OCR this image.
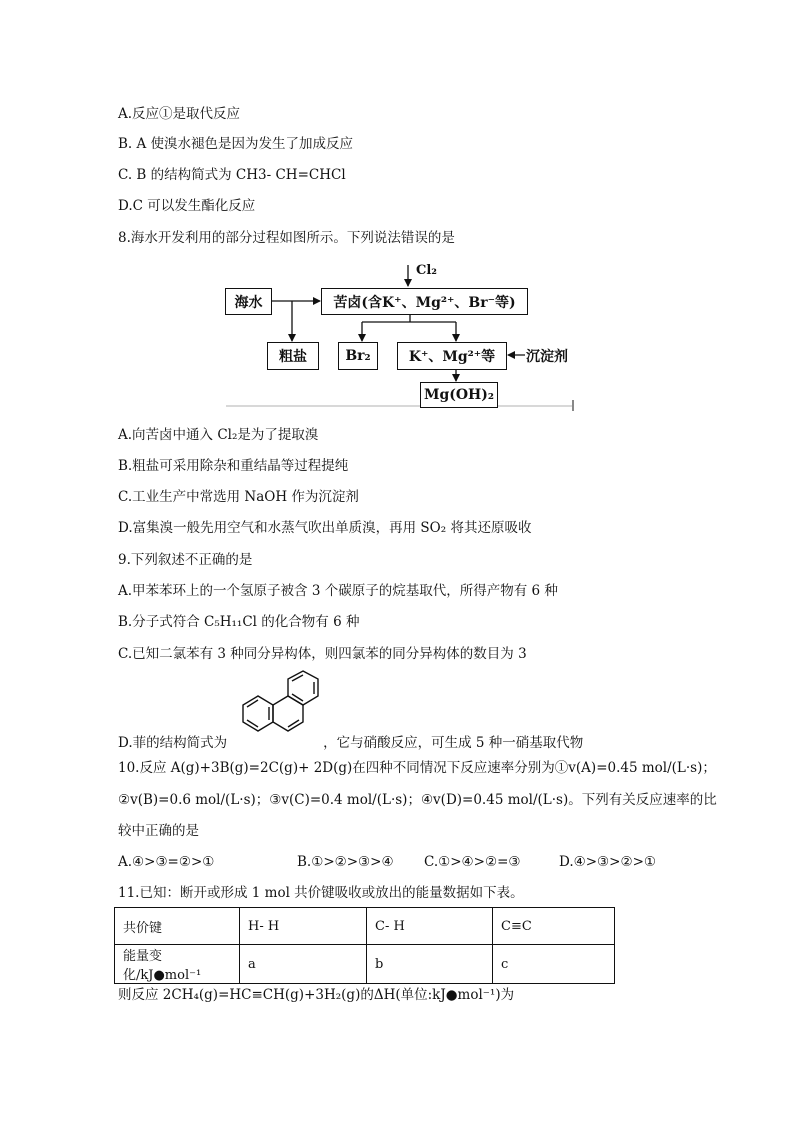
A.反应①是取代反应
B. A 使溴水褪色是因为发生了加成反应
C. B 的结构简式为 CH3- CH=CHCl
D.C 可以发生酯化反应
8.海水开发利用的部分过程如图所示。下列说法错误的是
Cl₂
海水	苦卤(含K⁺、Mg²⁺、Br⁻等)
粗盐	Br₂	K⁺、Mg²⁺等	沉淀剂
Mg(OH)₂
A.向苦卤中通入 Cl₂是为了提取溴
B.粗盐可采用除杂和重结晶等过程提纯
C.工业生产中常选用 NaOH 作为沉淀剂
D.富集溴一般先用空气和水蒸气吹出单质溴，再用 SO₂ 将其还原吸收
9.下列叙述不正确的是
A.甲苯苯环上的一个氢原子被含 3 个碳原子的烷基取代，所得产物有 6 种
B.分子式符合 C₅H₁₁Cl 的化合物有 6 种
C.已知二氯苯有 3 种同分异构体，则四氯苯的同分异构体的数目为 3
D.菲的结构简式为	，它与硝酸反应，可生成 5 种一硝基取代物
10.反应 A(g)+3B(g)=2C(g)+ 2D(g)在四种不同情况下反应速率分别为①v(A)=0.45 mol/(L·s)；
②v(B)=0.6 mol/(L·s)；③v(C)=0.4 mol/(L·s)；④v(D)=0.45 mol/(L·s)。下列有关反应速率的比
较中正确的是
A.④>③=②>①	B.①>②>③>④ C.①>④>②=③	D.④>③>②>①
11.已知：断开或形成 1 mol 共价键吸收或放出的能量数据如下表。
共价键	H- H	C- H	C≡C
能量变化/kJ●mol⁻¹	a	b	c
则反应 2CH₄(g)=HC≡CH(g)+3H₂(g)的ΔH(单位:kJ●mol⁻¹)为
